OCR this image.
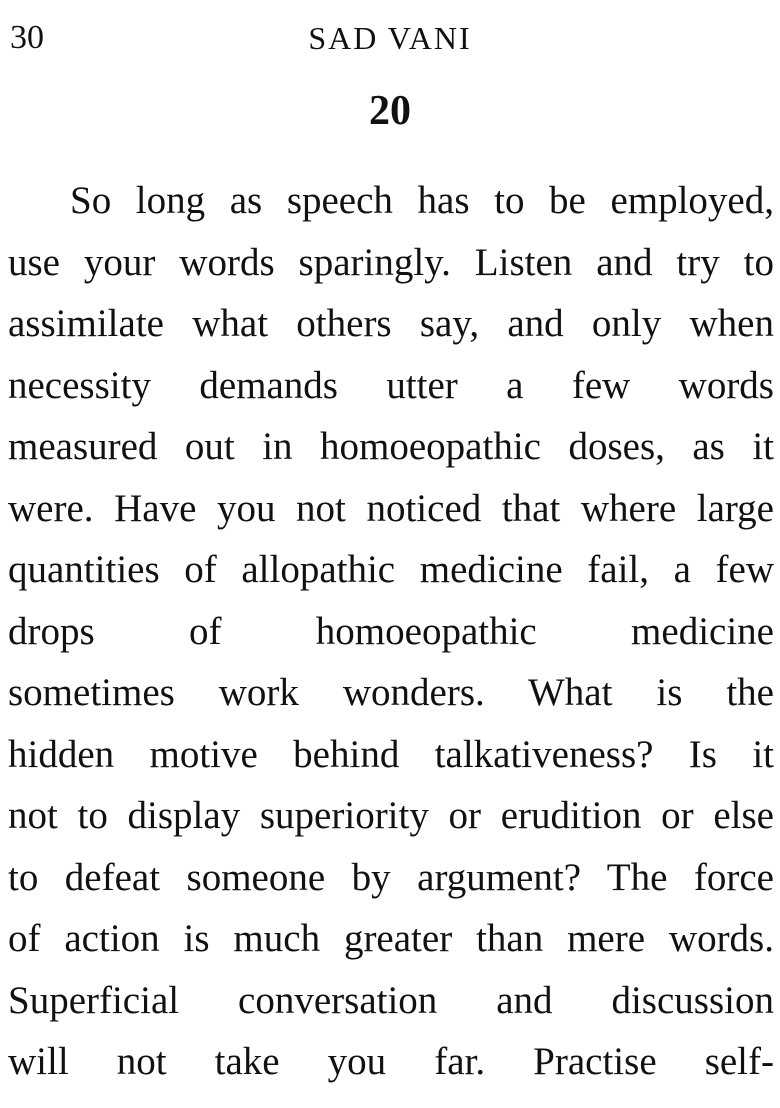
30	SAD VANI
20
So long as speech has to be employed,
use your words sparingly. Listen and try to
assimilate what others say, and only when
necessity demands utter a few words
measured out in homoeopathic doses, as it
were. Have you not noticed that where large
quantities of allopathic medicine fail, a few
drops of homoeopathic medicine
sometimes work wonders. What is the
hidden motive behind talkativeness? Is it
not to display superiority or erudition or else
to defeat someone by argument? The force
of action is much greater than mere words.
Superficial conversation and discussion
will not take you far. Practise self-
